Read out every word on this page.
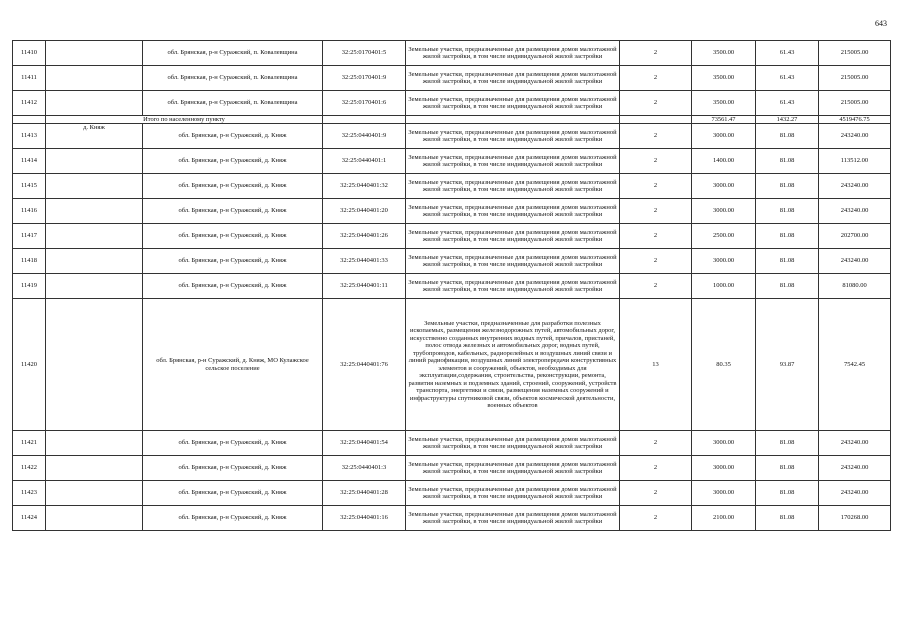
643
11410		обл. Брянская, р-н Суражский, п. Ковалевщина	32:25:0170401:5	Земельные участки, предназначенные для размещения домов малоэтажной жилой застройки, в том числе индивидуальной жилой застройки	2	3500.00	61.43	215005.00
11411		обл. Брянская, р-н Суражский, п. Ковалевщина	32:25:0170401:9	Земельные участки, предназначенные для размещения домов малоэтажной жилой застройки, в том числе индивидуальной жилой застройки	2	3500.00	61.43	215005.00
11412		обл. Брянская, р-н Суражский, п. Ковалевщина	32:25:0170401:6	Земельные участки, предназначенные для размещения домов малоэтажной жилой застройки, в том числе индивидуальной жилой застройки	2	3500.00	61.43	215005.00
	Итого по населенному пункту					73561.47	1432.27	4519476.75
11413	д. Княж	обл. Брянская, р-н Суражский, д. Княж	32:25:0440401:9	Земельные участки, предназначенные для размещения домов малоэтажной жилой застройки, в том числе индивидуальной жилой застройки	2	3000.00	81.08	243240.00
11414		обл. Брянская, р-н Суражский, д. Княж	32:25:0440401:1	Земельные участки, предназначенные для размещения домов малоэтажной жилой застройки, в том числе индивидуальной жилой застройки	2	1400.00	81.08	113512.00
11415		обл. Брянская, р-н Суражский, д. Княж	32:25:0440401:32	Земельные участки, предназначенные для размещения домов малоэтажной жилой застройки, в том числе индивидуальной жилой застройки	2	3000.00	81.08	243240.00
11416		обл. Брянская, р-н Суражский, д. Княж	32:25:0440401:20	Земельные участки, предназначенные для размещения домов малоэтажной жилой застройки, в том числе индивидуальной жилой застройки	2	3000.00	81.08	243240.00
11417		обл. Брянская, р-н Суражский, д. Княж	32:25:0440401:26	Земельные участки, предназначенные для размещения домов малоэтажной жилой застройки, в том числе индивидуальной жилой застройки	2	2500.00	81.08	202700.00
11418		обл. Брянская, р-н Суражский, д. Княж	32:25:0440401:33	Земельные участки, предназначенные для размещения домов малоэтажной жилой застройки, в том числе индивидуальной жилой застройки	2	3000.00	81.08	243240.00
11419		обл. Брянская, р-н Суражский, д. Княж	32:25:0440401:11	Земельные участки, предназначенные для размещения домов малоэтажной жилой застройки, в том числе индивидуальной жилой застройки	2	1000.00	81.08	81080.00
11420		обл. Брянская, р-н Суражский, д. Княж, МО Кулажское сельское поселение	32:25:0440401:76	Земельные участки, предназначенные для разработки полезных ископаемых, размещения железнодорожных путей, автомобильных дорог, искусственно созданных внутренних водных путей, причалов, пристаней, полос отвода железных и автомобильных дорог, водных путей, трубопроводов, кабельных, радиорелейных и воздушных линий связи и линий радиофикации, воздушных линий электропередачи конструктивных элементов и сооружений, объектов, необходимых для эксплуатации,содержания, строительства, реконструкции, ремонта, развития наземных и подземных зданий, строений, сооружений, устройств транспорта, энергетики и связи, размещения наземных сооружений и инфраструктуры спутниковой связи, объектов космической деятельности, военных объектов	13	80.35	93.87	7542.45
11421		обл. Брянская, р-н Суражский, д. Княж	32:25:0440401:54	Земельные участки, предназначенные для размещения домов малоэтажной жилой застройки, в том числе индивидуальной жилой застройки	2	3000.00	81.08	243240.00
11422		обл. Брянская, р-н Суражский, д. Княж	32:25:0440401:3	Земельные участки, предназначенные для размещения домов малоэтажной жилой застройки, в том числе индивидуальной жилой застройки	2	3000.00	81.08	243240.00
11423		обл. Брянская, р-н Суражский, д. Княж	32:25:0440401:28	Земельные участки, предназначенные для размещения домов малоэтажной жилой застройки, в том числе индивидуальной жилой застройки	2	3000.00	81.08	243240.00
11424		обл. Брянская, р-н Суражский, д. Княж	32:25:0440401:16	Земельные участки, предназначенные для размещения домов малоэтажной жилой застройки, в том числе индивидуальной жилой застройки	2	2100.00	81.08	170268.00
